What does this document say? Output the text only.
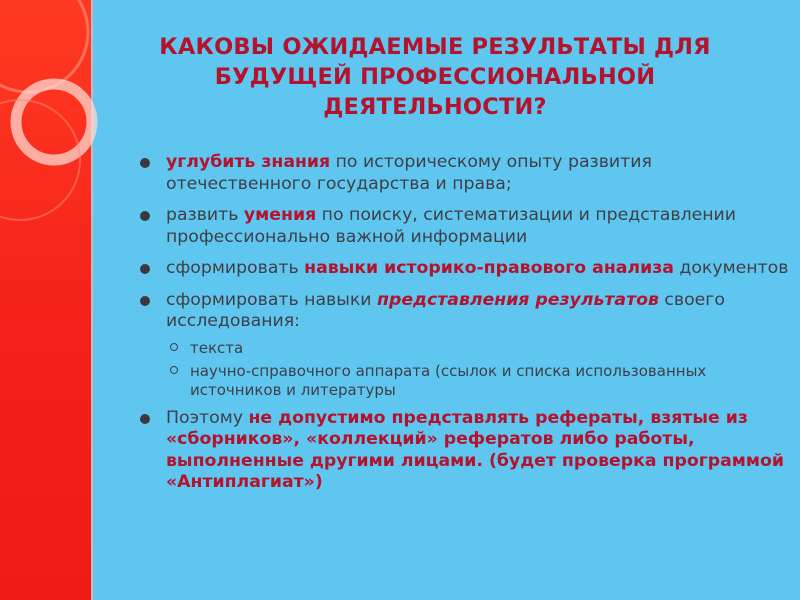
КАКОВЫ ОЖИДАЕМЫЕ РЕЗУЛЬТАТЫ ДЛЯ
БУДУЩЕЙ ПРОФЕССИОНАЛЬНОЙ
ДЕЯТЕЛЬНОСТИ?
углубить знания по историческому опыту развития отечественного государства и права;
развить умения по поиску, систематизации и представлении профессионально важной информации
сформировать навыки историко-правового анализа документов
сформировать навыки представления результатов своего исследования:
текста
научно-справочного аппарата (ссылок и списка использованных источников и литературы
Поэтому не допустимо представлять рефераты, взятые из «сборников», «коллекций» рефератов либо работы, выполненные другими лицами. (будет проверка программой «Антиплагиат»)
